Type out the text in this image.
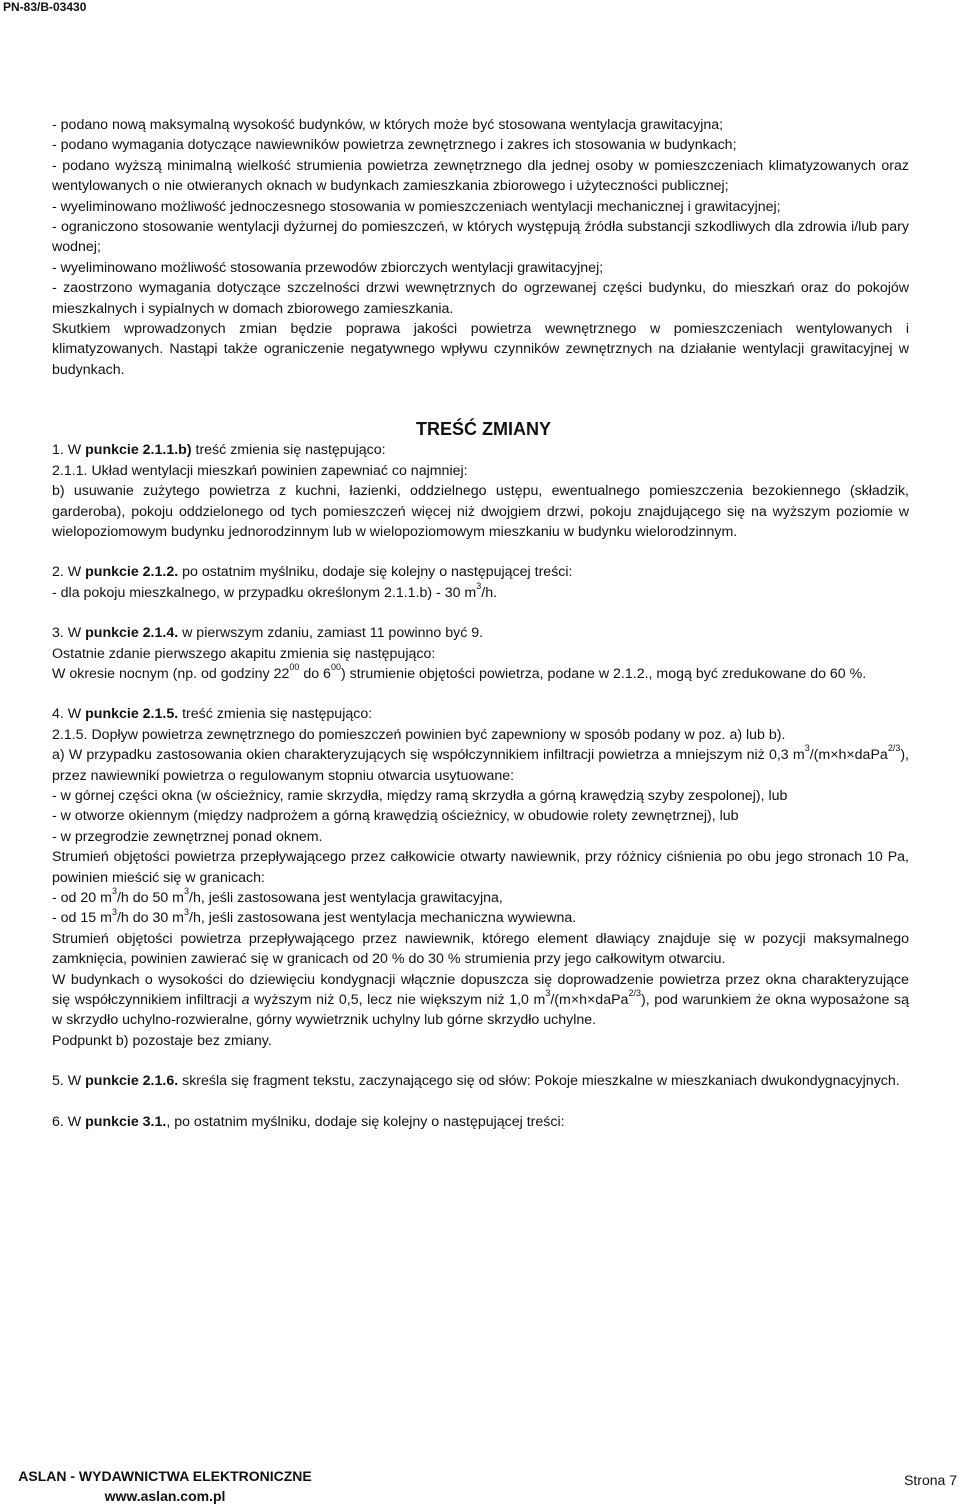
PN-83/B-03430

- podano nową maksymalną wysokość budynków, w których może być stosowana wentylacja grawitacyjna;

- podano wymagania dotyczące nawiewników powietrza zewnętrznego i zakres ich stosowania w budynkach;

- podano wyższą minimalną wielkość strumienia powietrza zewnętrznego dla jednej osoby w pomieszczeniach klimatyzowanych oraz wentylowanych o nie otwieranych oknach w budynkach zamieszkania zbiorowego i użyteczności publicznej;

- wyeliminowano możliwość jednoczesnego stosowania w pomieszczeniach wentylacji mechanicznej i grawitacyjnej;

- ograniczono stosowanie wentylacji dyżurnej do pomieszczeń, w których występują źródła substancji szkodliwych dla zdrowia i/lub pary wodnej;

- wyeliminowano możliwość stosowania przewodów zbiorczych wentylacji grawitacyjnej;

- zaostrzono wymagania dotyczące szczelności drzwi wewnętrznych do ogrzewanej części budynku, do mieszkań oraz do pokojów mieszkalnych i sypialnych w domach zbiorowego zamieszkania.

Skutkiem wprowadzonych zmian będzie poprawa jakości powietrza wewnętrznego w pomieszczeniach wentylowanych i klimatyzowanych. Nastąpi także ograniczenie negatywnego wpływu czynników zewnętrznych na działanie wentylacji grawitacyjnej w budynkach.

TREŚĆ ZMIANY

1. W punkcie 2.1.1.b) treść zmienia się następująco:

2.1.1. Układ wentylacji mieszkań powinien zapewniać co najmniej:

b) usuwanie zużytego powietrza z kuchni, łazienki, oddzielnego ustępu, ewentualnego pomieszczenia bezokiennego (składzik, garderoba), pokoju oddzielonego od tych pomieszczeń więcej niż dwojgiem drzwi, pokoju znajdującego się na wyższym poziomie w wielopoziomowym budynku jednorodzinnym lub w wielopoziomowym mieszkaniu w budynku wielorodzinnym.

2. W punkcie 2.1.2. po ostatnim myślniku, dodaje się kolejny o następującej treści:

- dla pokoju mieszkalnego, w przypadku określonym 2.1.1.b) - 30 $m^3/h$.

3. W punkcie 2.1.4. w pierwszym zdaniu, zamiast 11 powinno być 9.

Ostatnie zdanie pierwszego akapitu zmienia się następująco:

W okresie nocnym (np. od godziny $22^{00}$ do $6^{00}$) strumienie objętości powietrza, podane w 2.1.2., mogą być zredukowane do 60 %.

4. W punkcie 2.1.5. treść zmienia się następująco:

2.1.5. Dopływ powietrza zewnętrznego do pomieszczeń powinien być zapewniony w sposób podany w poz. a) lub b).

a) W przypadku zastosowania okien charakteryzujących się współczynnikiem infiltracji powietrza a mniejszym niż 0,3 $m^3/(m\times h\times daPa^{2/3})$, przez nawiewniki powietrza o regulowanym stopniu otwarcia usytuowane:

- w górnej części okna (w ościeżnicy, ramie skrzydła, między ramą skrzydła a górną krawędzią szyby zespolonej), lub

- w otworze okiennym (między nadprożem a górną krawędzią ościeżnicy, w obudowie rolety zewnętrznej), lub

- w przegrodzie zewnętrznej ponad oknem.

Strumień objętości powietrza przepływającego przez całkowicie otwarty nawiewnik, przy różnicy ciśnienia po obu jego stronach 10 Pa, powinien mieścić się w granicach:

- od 20 $m^3/h$ do 50 $m^3/h$, jeśli zastosowana jest wentylacja grawitacyjna,

- od 15 $m^3/h$ do 30 $m^3/h$, jeśli zastosowana jest wentylacja mechaniczna wywiewna.

Strumień objętości powietrza przepływającego przez nawiewnik, którego element dławiący znajduje się w pozycji maksymalnego zamknięcia, powinien zawierać się w granicach od 20 % do 30 % strumienia przy jego całkowitym otwarciu.

W budynkach o wysokości do dziewięciu kondygnacji włącznie dopuszcza się doprowadzenie powietrza przez okna charakteryzujące się współczynnikiem infiltracji a wyższym niż 0,5, lecz nie większym niż 1,0 $m^3/(m\times h\times daPa^{2/3})$, pod warunkiem że okna wyposażone są w skrzydło uchylno-rozwieralne, górny wywietrznik uchylny lub górne skrzydło uchylne.

Podpunkt b) pozostaje bez zmiany.

5. W punkcie 2.1.6. skreśla się fragment tekstu, zaczynającego się od słów: Pokoje mieszkalne w mieszkaniach dwukondygnacyjnych.

6. W punkcie 3.1., po ostatnim myślniku, dodaje się kolejny o następującej treści:

ASLAN - WYDAWNICTWA ELEKTRONICZNE
www.aslan.com.pl
Strona 7
